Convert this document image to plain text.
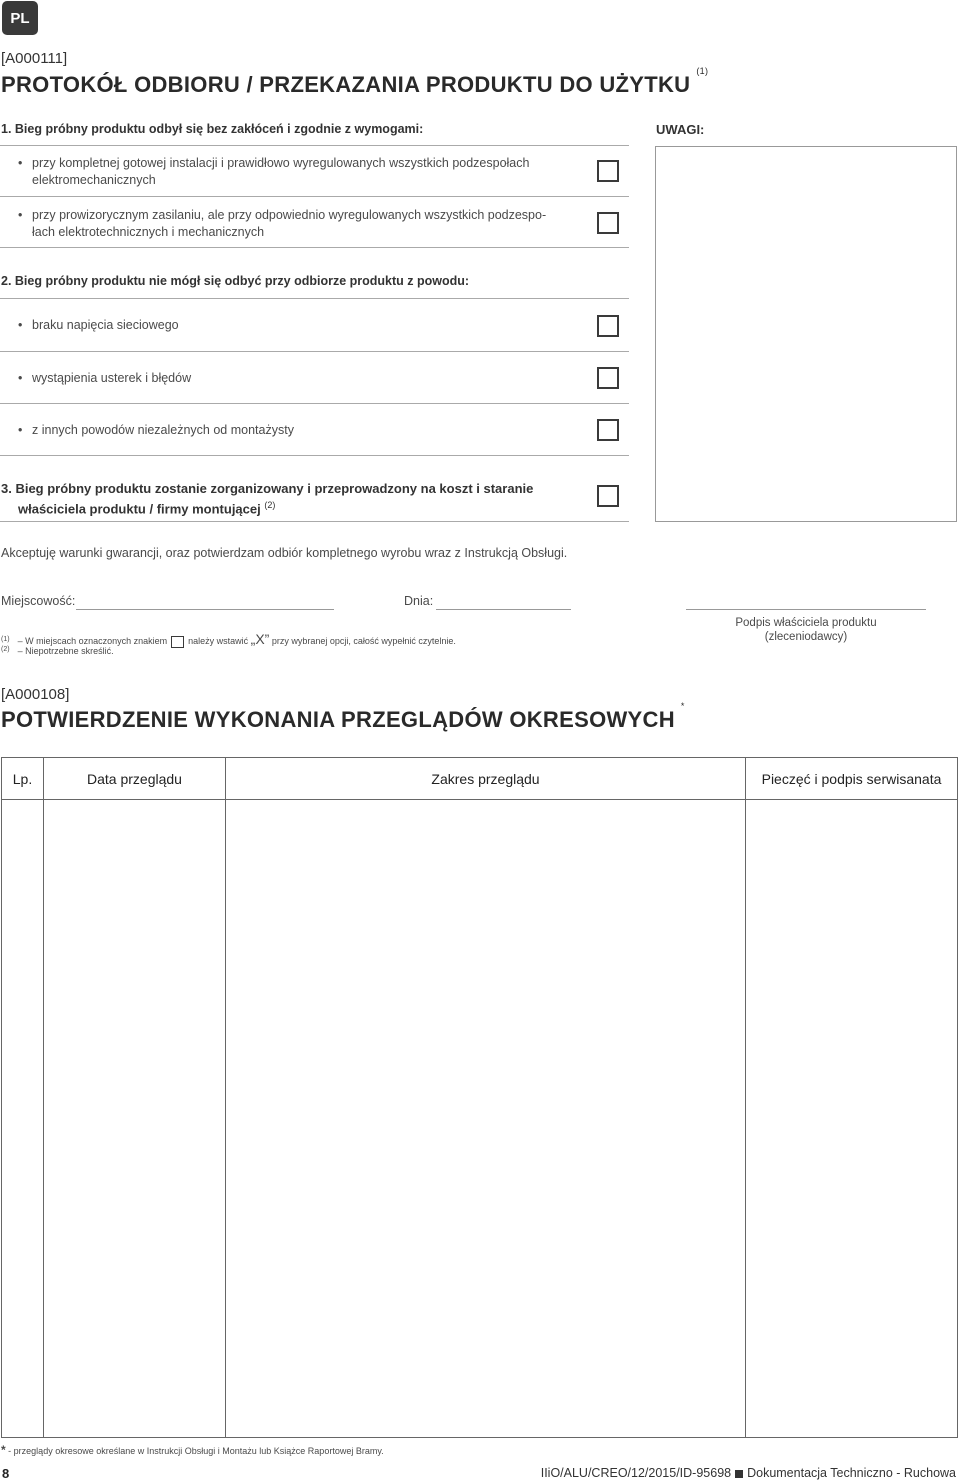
PL
[A000111]
PROTOKÓŁ ODBIORU / PRZEKAZANIA PRODUKTU DO UŻYTKU$^{(1)}$
1. Bieg próbny produktu odbył się bez zakłóceń i zgodnie z wymogami:
• przy kompletnej gotowej instalacji i prawidłowo wyregulowanych wszystkich podzespołach
elektromechanicznych
• przy prowizorycznym zasilaniu, ale przy odpowiednio wyregulowanych wszystkich podzespo-
łach elektrotechnicznych i mechanicznych
2. Bieg próbny produktu nie mógł się odbyć przy odbiorze produktu z powodu:
• braku napięcia sieciowego
• wystąpienia usterek i błędów
• z innych powodów niezależnych od montażysty
3. Bieg próbny produktu zostanie zorganizowany i przeprowadzony na koszt i staranie
właściciela produktu / firmy montującej $^{(2)}$
UWAGI:
Akceptuję warunki gwarancji, oraz potwierdzam odbiór kompletnego wyrobu wraz z Instrukcją Obsługi.
Miejscowość:	Dnia:
Podpis właściciela produktu
(zleceniodawcy)
$^{(1)}$ – W miejscach oznaczonych znakiem należy wstawić „X” przy wybranej opcji, całość wypełnić czytelnie.
$^{(2)}$ – Niepotrzebne skreślić.
[A000108]
POTWIERDZENIE WYKONANIA PRZEGLĄDÓW OKRESOWYCH*
Lp.	Data przeglądu	Zakres przeglądu	Pieczęć i podpis serwisanata

* - przeglądy okresowe określane w Instrukcji Obsługi i Montażu lub Książce Raportowej Bramy.
8	IIiO/ALU/CREO/12/2015/ID-95698 Dokumentacja Techniczno - Ruchowa
